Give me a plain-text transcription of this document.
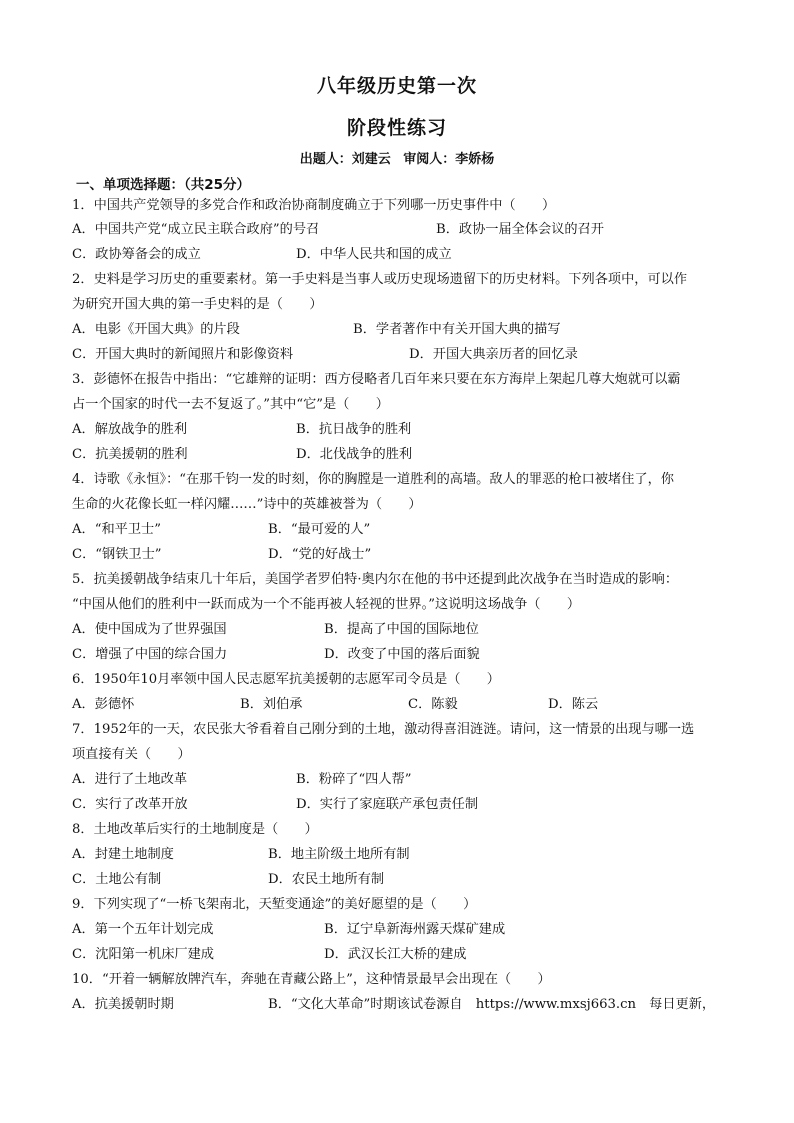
八年级历史第一次
阶段性练习
出题人：刘建云 审阅人：李娇杨
一、单项选择题：（共25分）
1．中国共产党领导的多党合作和政治协商制度确立于下列哪一历史事件中（　　）
A．中国共产党“成立民主联合政府”的号召	B．政协一届全体会议的召开
C．政协筹备会的成立	D．中华人民共和国的成立
2．史料是学习历史的重要素材。第一手史料是当事人或历史现场遗留下的历史材料。下列各项中，可以作
为研究开国大典的第一手史料的是（　　）
A．电影《开国大典》的片段	B．学者著作中有关开国大典的描写
C．开国大典时的新闻照片和影像资料	D．开国大典亲历者的回忆录
3．彭德怀在报告中指出：“它雄辩的证明：西方侵略者几百年来只要在东方海岸上架起几尊大炮就可以霸
占一个国家的时代一去不复返了。”其中“它”是（　　）
A．解放战争的胜利	B．抗日战争的胜利
C．抗美援朝的胜利	D．北伐战争的胜利
4．诗歌《永恒》：“在那千钧一发的时刻，你的胸膛是一道胜利的高墙。敌人的罪恶的枪口被堵住了，你
生命的火花像长虹一样闪耀……”诗中的英雄被誉为（　　）
A．“和平卫士”	B．“最可爱的人”
C．“钢铁卫士”	D．“党的好战士”
5．抗美援朝战争结束几十年后，美国学者罗伯特·奥内尔在他的书中还提到此次战争在当时造成的影响：
“中国从他们的胜利中一跃而成为一个不能再被人轻视的世界。”这说明这场战争（　　）
A．使中国成为了世界强国	B．提高了中国的国际地位
C．增强了中国的综合国力	D．改变了中国的落后面貌
6．1950年10月率领中国人民志愿军抗美援朝的志愿军司令员是（　　）
A．彭德怀	B．刘伯承	C．陈毅	D．陈云
7．1952年的一天，农民张大爷看着自己刚分到的土地，激动得喜泪涟涟。请问，这一情景的出现与哪一选
项直接有关（　　）
A．进行了土地改革	B．粉碎了“四人帮”
C．实行了改革开放	D．实行了家庭联产承包责任制
8．土地改革后实行的土地制度是（　　）
A．封建土地制度	B．地主阶级土地所有制
C．土地公有制	D．农民土地所有制
9．下列实现了“一桥飞架南北，天堑变通途”的美好愿望的是（　　）
A．第一个五年计划完成	B．辽宁阜新海州露天煤矿建成
C．沈阳第一机床厂建成	D．武汉长江大桥的建成
10．“开着一辆解放牌汽车，奔驰在青藏公路上”，这种情景最早会出现在（　　）
A．抗美援朝时期	B．“文化大革命”时期该试卷源自　https://www.mxsj663.cn　每日更新，
